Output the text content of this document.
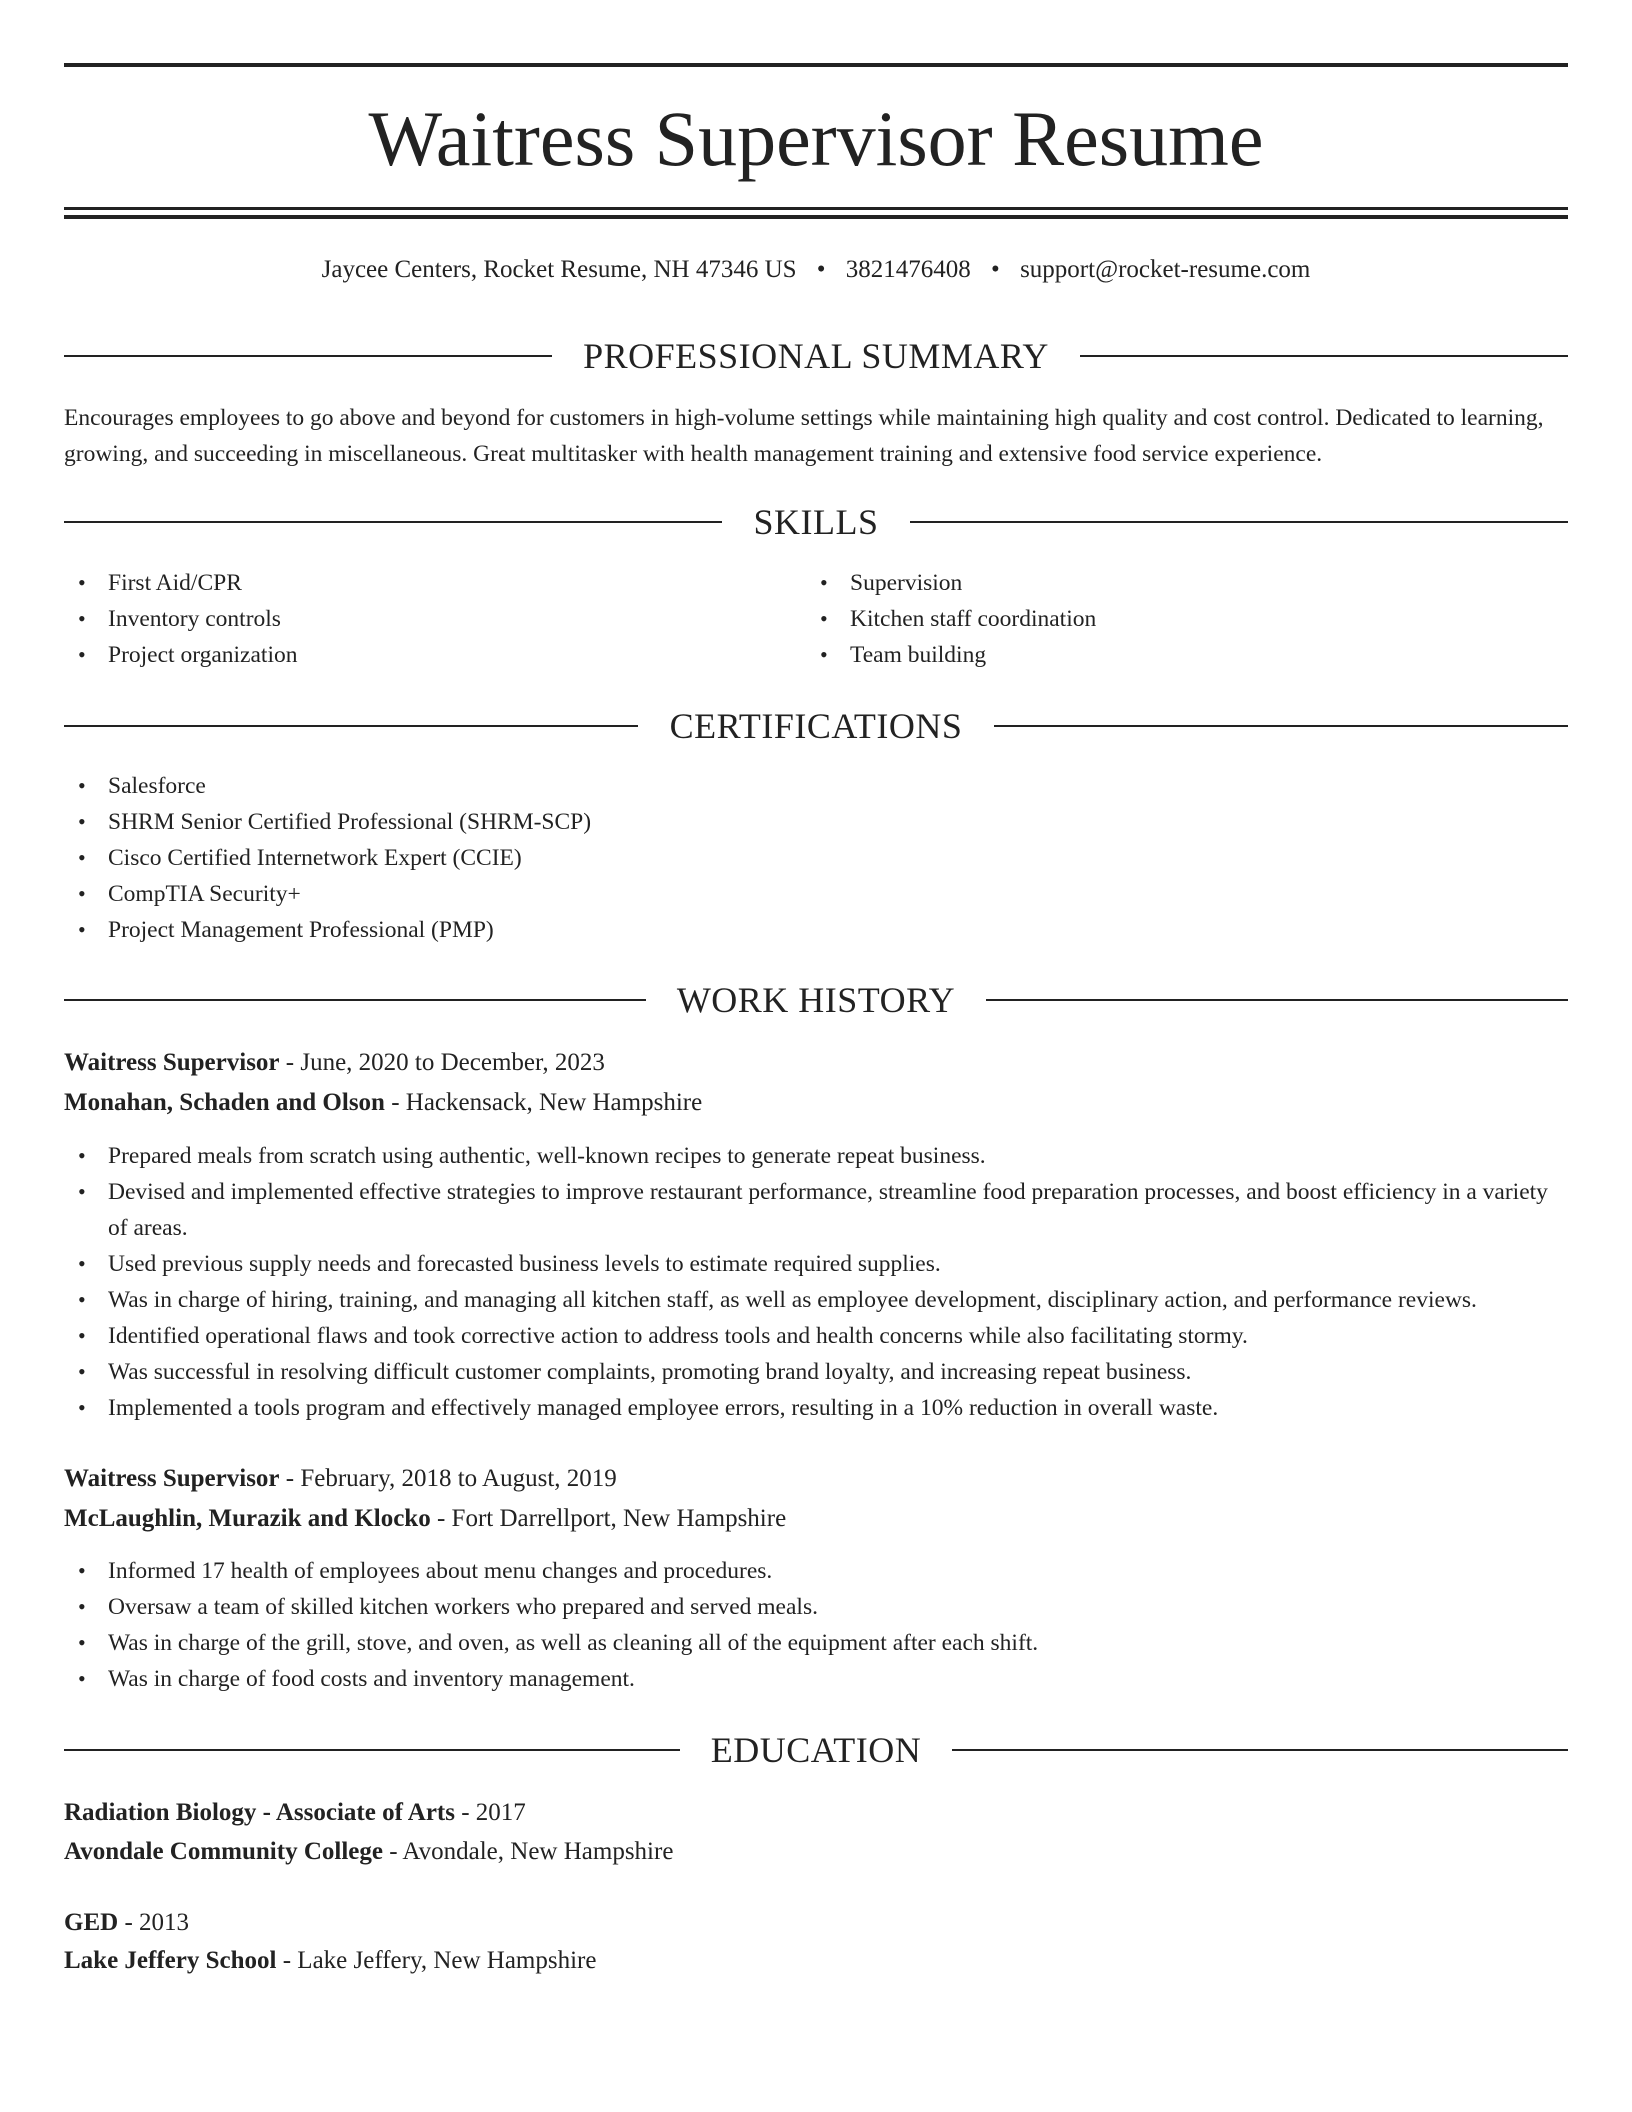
Waitress Supervisor Resume
Jaycee Centers, Rocket Resume, NH 47346 US • 3821476408 • support@rocket-resume.com
PROFESSIONAL SUMMARY
Encourages employees to go above and beyond for customers in high-volume settings while maintaining high quality and cost control. Dedicated to learning, growing, and succeeding in miscellaneous. Great multitasker with health management training and extensive food service experience.
SKILLS
• First Aid/CPR
• Inventory controls
• Project organization
• Supervision
• Kitchen staff coordination
• Team building
CERTIFICATIONS
• Salesforce
• SHRM Senior Certified Professional (SHRM-SCP)
• Cisco Certified Internetwork Expert (CCIE)
• CompTIA Security+
• Project Management Professional (PMP)
WORK HISTORY
Waitress Supervisor - June, 2020 to December, 2023
Monahan, Schaden and Olson - Hackensack, New Hampshire
• Prepared meals from scratch using authentic, well-known recipes to generate repeat business.
• Devised and implemented effective strategies to improve restaurant performance, streamline food preparation processes, and boost efficiency in a variety of areas.
• Used previous supply needs and forecasted business levels to estimate required supplies.
• Was in charge of hiring, training, and managing all kitchen staff, as well as employee development, disciplinary action, and performance reviews.
• Identified operational flaws and took corrective action to address tools and health concerns while also facilitating stormy.
• Was successful in resolving difficult customer complaints, promoting brand loyalty, and increasing repeat business.
• Implemented a tools program and effectively managed employee errors, resulting in a 10% reduction in overall waste.
Waitress Supervisor - February, 2018 to August, 2019
McLaughlin, Murazik and Klocko - Fort Darrellport, New Hampshire
• Informed 17 health of employees about menu changes and procedures.
• Oversaw a team of skilled kitchen workers who prepared and served meals.
• Was in charge of the grill, stove, and oven, as well as cleaning all of the equipment after each shift.
• Was in charge of food costs and inventory management.
EDUCATION
Radiation Biology - Associate of Arts - 2017
Avondale Community College - Avondale, New Hampshire
GED - 2013
Lake Jeffery School - Lake Jeffery, New Hampshire
